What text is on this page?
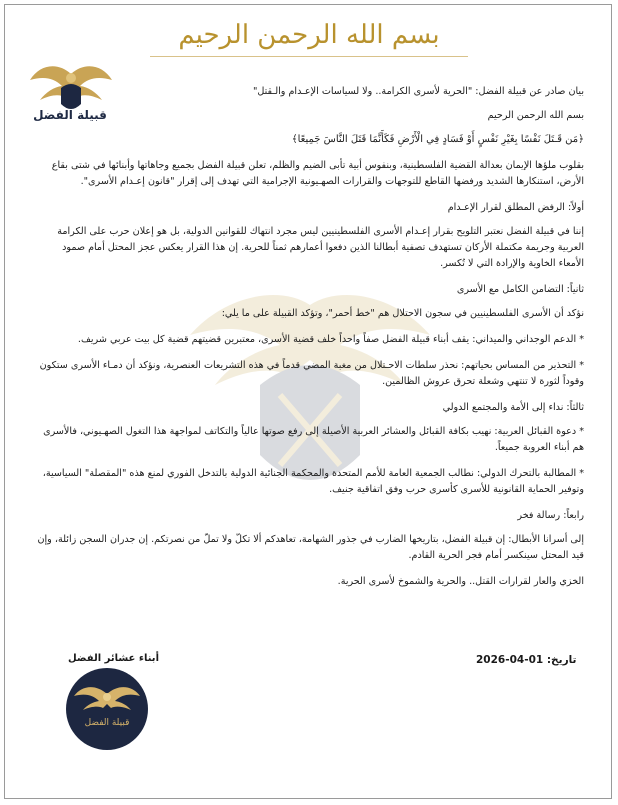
بسم الله الرحمن الرحيم
قبيلة الفضل

بيان صادر عن قبيلة الفضل: "الحرية لأسرى الكرامة.. ولا لسياسات الإعـدام والـقتل"

بسم الله الرحمن الرحيم

﴿مَن قَـتَلَ نَفْسًا بِغَيْرِ نَفْسٍ أَوْ فَسَادٍ فِي الْأَرْضِ فَكَأَنَّمَا قَتَلَ النَّاسَ جَمِيعًا﴾

بقلوب ملؤها الإيمان بعدالة القضية الفلسطينية، وبنفوس أبية تأبى الضيم والظلم، تعلن قبيلة الفضل بجميع وجاهاتها وأبنائها في شتى بقاع الأرض، استنكارها الشديد ورفضها القاطع للتوجهات والقرارات الصهـيونية الإجرامية التي تهدف إلى إقرار "قانون إعـدام الأسرى".

أولاً: الرفض المطلق لقرار الإعـدام

إننا في قبيلة الفضل نعتبر التلويح بقرار إعـدام الأسرى الفلسطينيين ليس مجرد انتهاك للقوانين الدولية، بل هو إعلان حرب على الكرامة العربية وجريمة مكتملة الأركان تستهدف تصفية أبطالنا الذين دفعوا أعمارهم ثمناً للحرية. إن هذا القرار يعكس عجز المحتل أمام صمود الأمعاء الخاوية والإرادة التي لا تُكسر.

ثانياً: التضامن الكامل مع الأسرى

نؤكد أن الأسرى الفلسطينيين في سجون الاحتلال هم "خط أحمر"، وتؤكد القبيلة على ما يلي:

* الدعم الوجداني والميداني: يقف أبناء قبيلة الفضل صفاً واحداً خلف قضية الأسرى، معتبرين قضيتهم قضية كل بيت عربي شريف.

* التحذير من المساس بحياتهم: نحذر سلطات الاحـتلال من مغبة المضي قدماً في هذه التشريعات العنصرية، ونؤكد أن دمـاء الأسرى ستكون وقوداً لثورة لا تنتهي وشعلة تحرق عروش الظالمين.

ثالثاً: نداء إلى الأمة والمجتمع الدولي

* دعوة القبائل العربية: نهيب بكافة القبائل والعشائر العربية الأصيلة إلى رفع صوتها عالياً والتكاتف لمواجهة هذا التغول الصهـيوني، فالأسرى هم أبناء العروبة جميعاً.

* المطالبة بالتحرك الدولي: نطالب الجمعية العامة للأمم المتحدة والمحكمة الجنائية الدولية بالتدخل الفوري لمنع هذه "المقصلة" السياسية، وتوفير الحماية القانونية للأسرى كأسرى حرب وفق اتفاقية جنيف.

رابعاً: رسالة فخر

إلى أسرانا الأبطال: إن قبيلة الفضل، بتاريخها الضارب في جذور الشهامة، تعاهدكم ألا تكلّ ولا تملّ من نصرتكم. إن جدران السجن زائلة، وإن قيد المحتل سينكسر أمام فجر الحرية القادم.

الخزي والعار لقرارات القتل.. والحرية والشموخ لأسرى الحرية.

تاريخ: 01-04-2026
أبناء عشائر الفضل
قبيلة الفضل
